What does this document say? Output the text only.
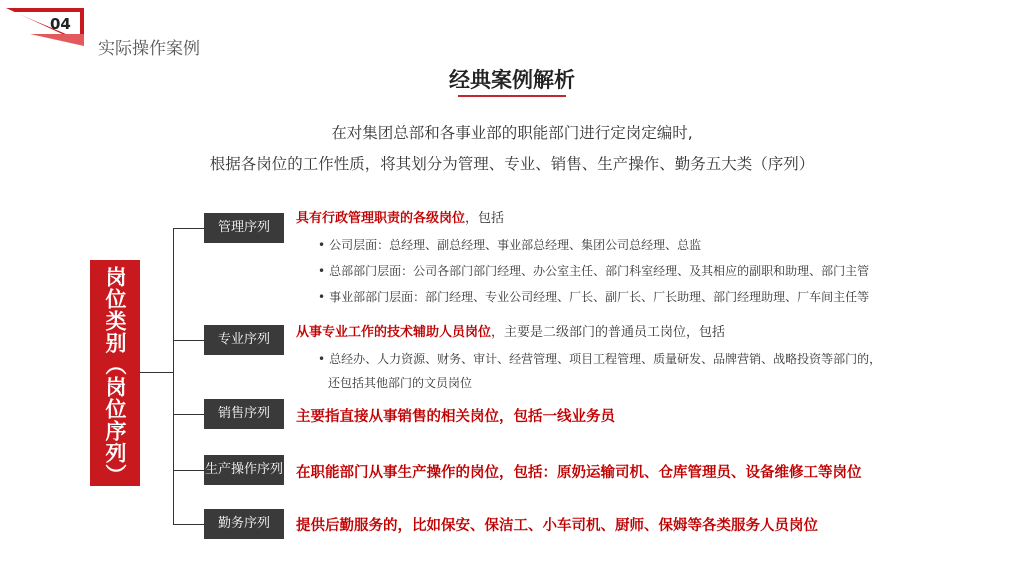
04
实际操作案例
经典案例解析
在对集团总部和各事业部的职能部门进行定岗定编时,
根据各岗位的工作性质，将其划分为管理、专业、销售、生产操作、勤务五大类（序列）
岗位类别（岗位序列）
管理序列
具有行政管理职责的各级岗位，包括
• 公司层面：总经理、副总经理、事业部总经理、集团公司总经理、总监
• 总部部门层面：公司各部门部门经理、办公室主任、部门科室经理、及其相应的副职和助理、部门主管
• 事业部部门层面：部门经理、专业公司经理、厂长、副厂长、厂长助理、部门经理助理、厂车间主任等
专业序列	从事专业工作的技术辅助人员岗位，主要是二级部门的普通员工岗位，包括
• 总经办、人力资源、财务、审计、经营管理、项目工程管理、质量研发、品牌营销、战略投资等部门的，
还包括其他部门的文员岗位
销售序列	主要指直接从事销售的相关岗位，包括一线业务员
生产操作序列 在职能部门从事生产操作的岗位，包括：原奶运输司机、仓库管理员、设备维修工等岗位
勤务序列	提供后勤服务的，比如保安、保洁工、小车司机、厨师、保姆等各类服务人员岗位
